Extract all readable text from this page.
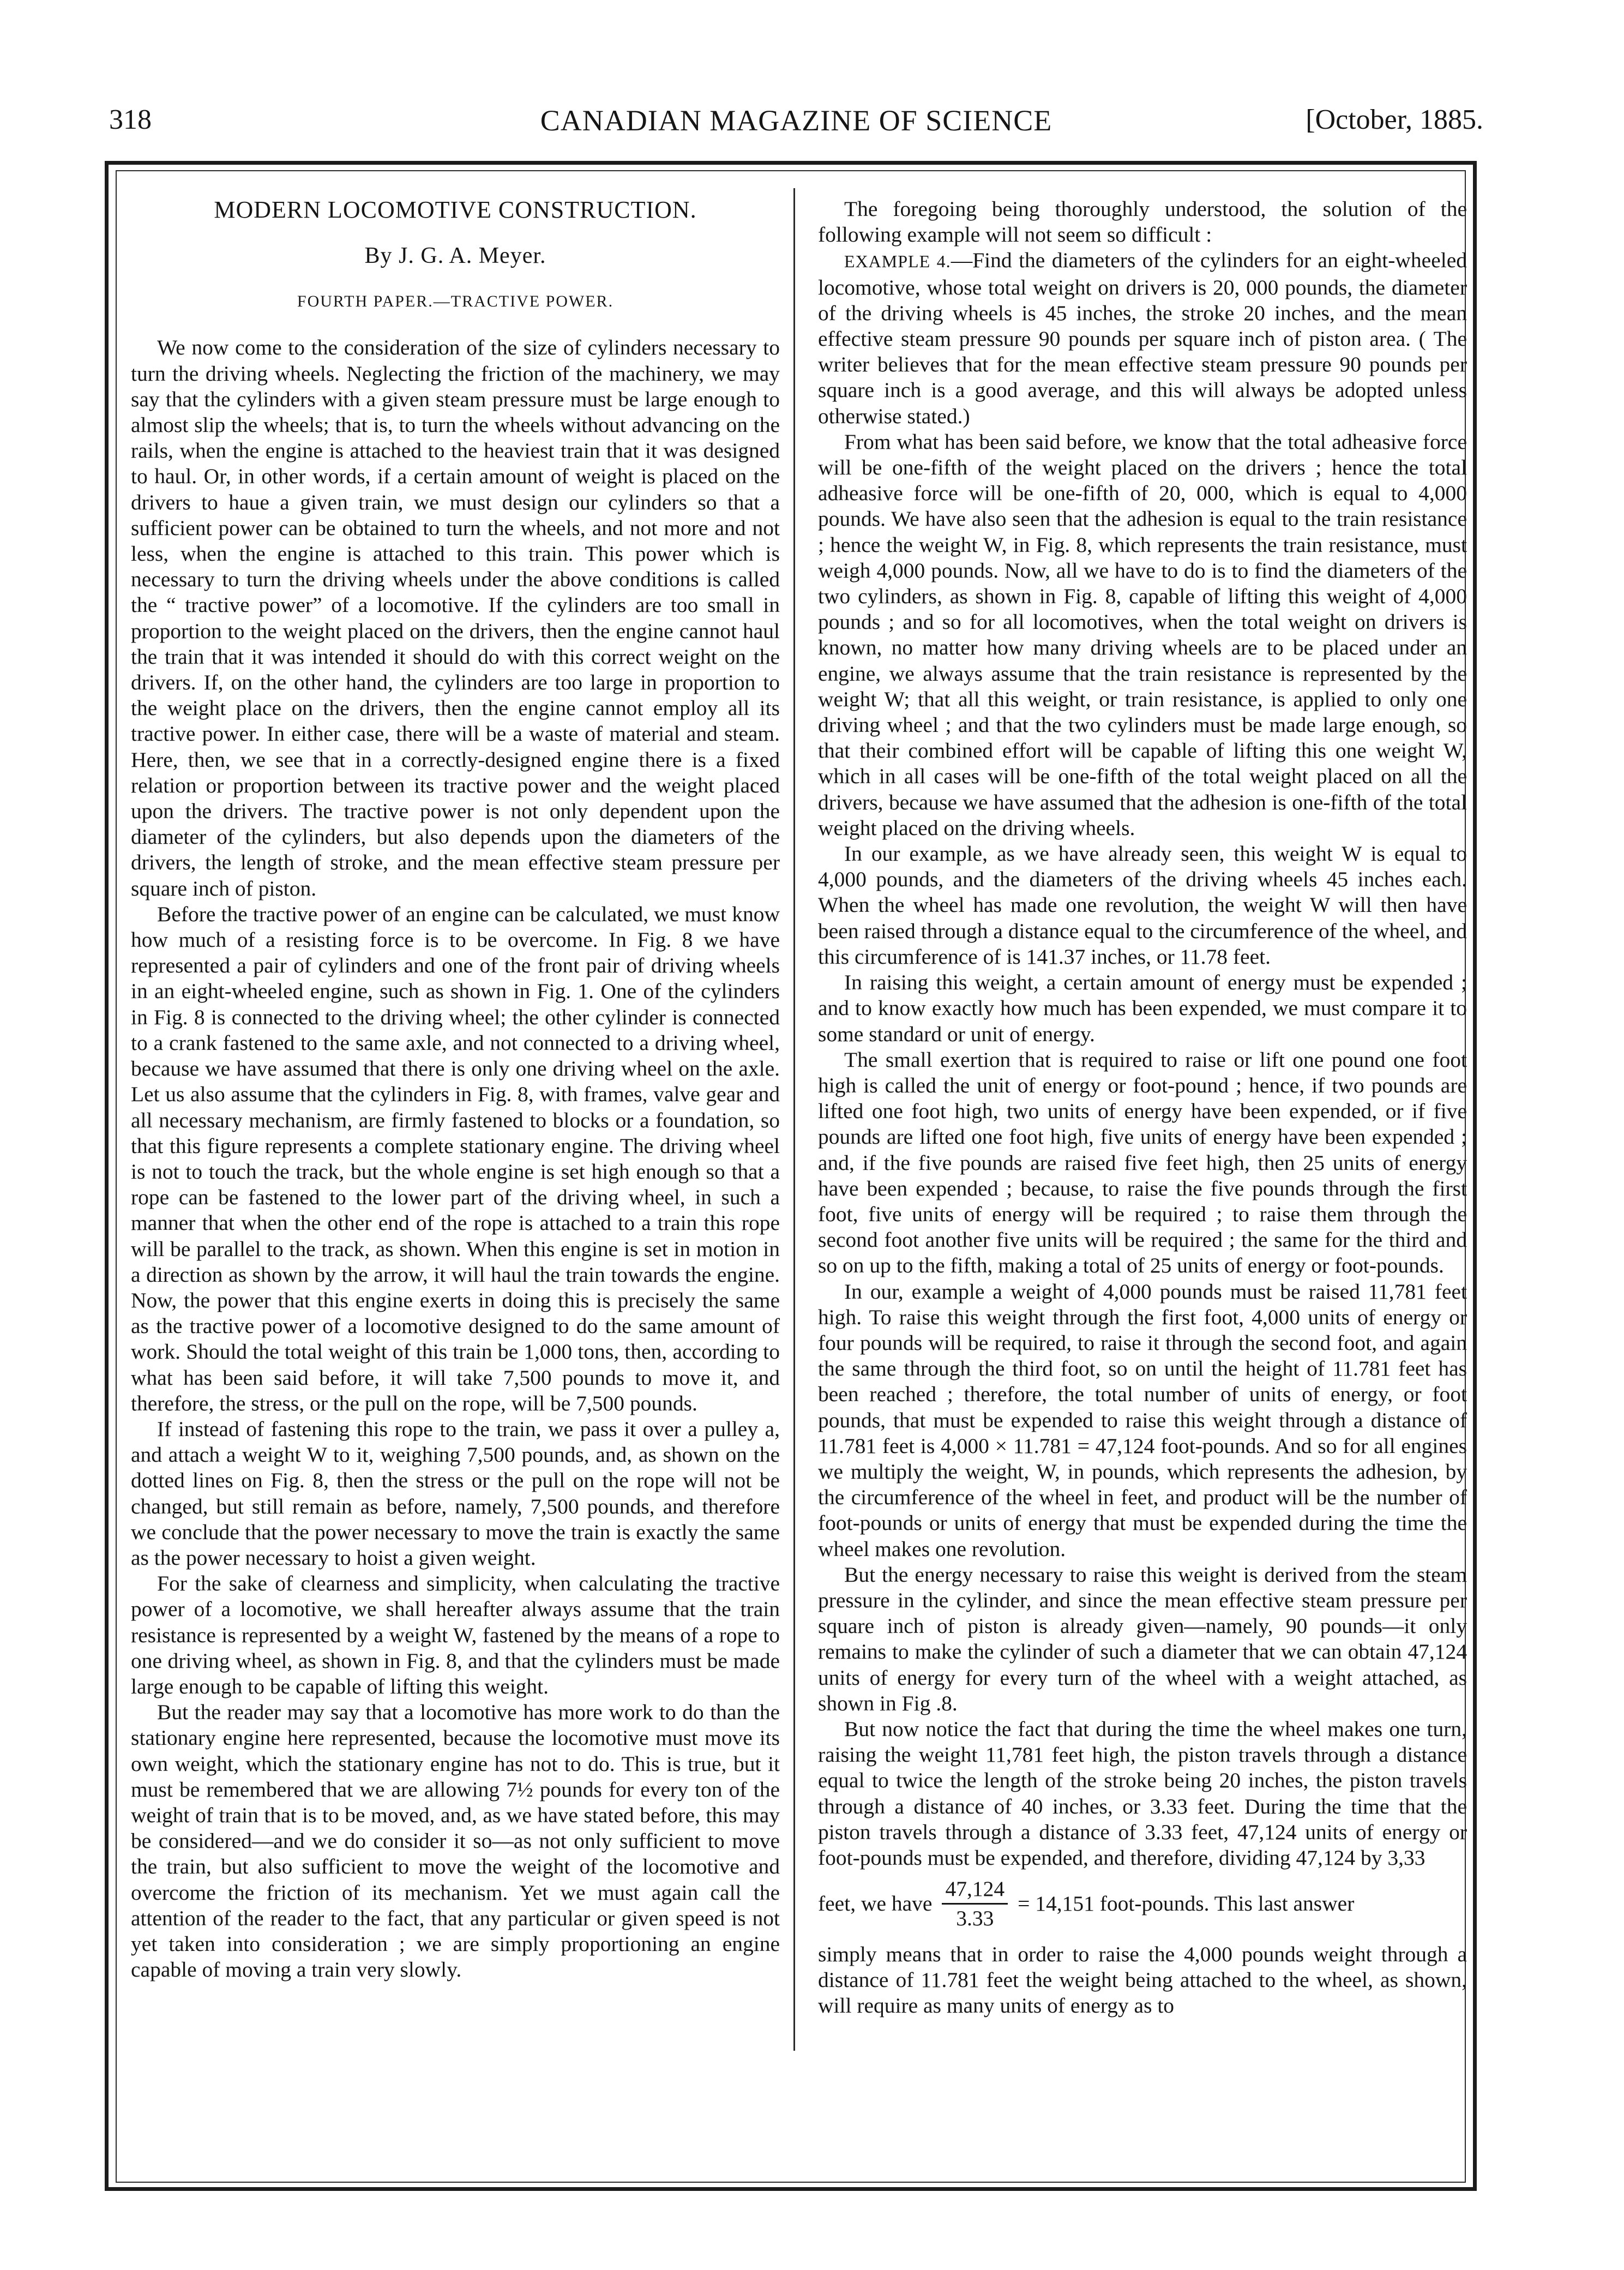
318	CANADIAN MAGAZINE OF SCIENCE	[October, 1885.
MODERN LOCOMOTIVE CONSTRUCTION.
By J. G. A. Meyer.
FOURTH PAPER.—TRACTIVE POWER.

We now come to the consideration of the size of cylinders necessary to turn the driving wheels. Neglecting the friction of the machinery, we may say that the cylinders with a given steam pressure must be large enough to almost slip the wheels; that is, to turn the wheels without advancing on the rails, when the engine is attached to the heaviest train that it was designed to haul. Or, in other words, if a certain amount of weight is placed on the drivers to haue a given train, we must design our cylinders so that a sufficient power can be obtained to turn the wheels, and not more and not less, when the engine is attached to this train. This power which is necessary to turn the driving wheels under the above conditions is called the “ tractive power” of a locomotive. If the cylinders are too small in proportion to the weight placed on the drivers, then the engine cannot haul the train that it was intended it should do with this correct weight on the drivers. If, on the other hand, the cylinders are too large in proportion to the weight place on the drivers, then the engine cannot employ all its tractive power. In either case, there will be a waste of material and steam. Here, then, we see that in a correctly-designed engine there is a fixed relation or proportion between its tractive power and the weight placed upon the drivers. The tractive power is not only dependent upon the diameter of the cylinders, but also depends upon the diameters of the drivers, the length of stroke, and the mean effective steam pressure per square inch of piston.

Before the tractive power of an engine can be calculated, we must know how much of a resisting force is to be overcome. In Fig. 8 we have represented a pair of cylinders and one of the front pair of driving wheels in an eight-wheeled engine, such as shown in Fig. 1. One of the cylinders in Fig. 8 is connected to the driving wheel; the other cylinder is connected to a crank fastened to the same axle, and not connected to a driving wheel, because we have assumed that there is only one driving wheel on the axle. Let us also assume that the cylinders in Fig. 8, with frames, valve gear and all necessary mechanism, are firmly fastened to blocks or a foundation, so that this figure represents a complete stationary engine. The driving wheel is not to touch the track, but the whole engine is set high enough so that a rope can be fastened to the lower part of the driving wheel, in such a manner that when the other end of the rope is attached to a train this rope will be parallel to the track, as shown. When this engine is set in motion in a direction as shown by the arrow, it will haul the train towards the engine. Now, the power that this engine exerts in doing this is precisely the same as the tractive power of a locomotive designed to do the same amount of work. Should the total weight of this train be 1,000 tons, then, according to what has been said before, it will take 7,500 pounds to move it, and therefore, the stress, or the pull on the rope, will be 7,500 pounds.

If instead of fastening this rope to the train, we pass it over a pulley a, and attach a weight W to it, weighing 7,500 pounds, and, as shown on the dotted lines on Fig. 8, then the stress or the pull on the rope will not be changed, but still remain as before, namely, 7,500 pounds, and therefore we conclude that the power necessary to move the train is exactly the same as the power necessary to hoist a given weight.

For the sake of clearness and simplicity, when calculating the tractive power of a locomotive, we shall hereafter always assume that the train resistance is represented by a weight W, fastened by the means of a rope to one driving wheel, as shown in Fig. 8, and that the cylinders must be made large enough to be capable of lifting this weight.

But the reader may say that a locomotive has more work to do than the stationary engine here represented, because the locomotive must move its own weight, which the stationary engine has not to do. This is true, but it must be remembered that we are allowing 7½ pounds for every ton of the weight of train that is to be moved, and, as we have stated before, this may be considered—and we do consider it so—as not only sufficient to move the train, but also sufficient to move the weight of the locomotive and overcome the friction of its mechanism. Yet we must again call the attention of the reader to the fact, that any particular or given speed is not yet taken into consideration ; we are simply proportioning an engine capable of moving a train very slowly.

The foregoing being thoroughly understood, the solution of the following example will not seem so difficult :

EXAMPLE 4.—Find the diameters of the cylinders for an eight-wheeled locomotive, whose total weight on drivers is 20, 000 pounds, the diameter of the driving wheels is 45 inches, the stroke 20 inches, and the mean effective steam pressure 90 pounds per square inch of piston area. ( The writer believes that for the mean effective steam pressure 90 pounds per square inch is a good average, and this will always be adopted unless otherwise stated.)

From what has been said before, we know that the total adheasive force will be one-fifth of the weight placed on the drivers ; hence the total adheasive force will be one-fifth of 20, 000, which is equal to 4,000 pounds. We have also seen that the adhesion is equal to the train resistance ; hence the weight W, in Fig. 8, which represents the train resistance, must weigh 4,000 pounds. Now, all we have to do is to find the diameters of the two cylinders, as shown in Fig. 8, capable of lifting this weight of 4,000 pounds ; and so for all locomotives, when the total weight on drivers is known, no matter how many driving wheels are to be placed under an engine, we always assume that the train resistance is represented by the weight W; that all this weight, or train resistance, is applied to only one driving wheel ; and that the two cylinders must be made large enough, so that their combined effort will be capable of lifting this one weight W, which in all cases will be one-fifth of the total weight placed on all the drivers, because we have assumed that the adhesion is one-fifth of the total weight placed on the driving wheels.

In our example, as we have already seen, this weight W is equal to 4,000 pounds, and the diameters of the driving wheels 45 inches each. When the wheel has made one revolution, the weight W will then have been raised through a distance equal to the circumference of the wheel, and this circumference of is 141.37 inches, or 11.78 feet.

In raising this weight, a certain amount of energy must be expended ; and to know exactly how much has been expended, we must compare it to some standard or unit of energy.

The small exertion that is required to raise or lift one pound one foot high is called the unit of energy or foot-pound ; hence, if two pounds are lifted one foot high, two units of energy have been expended, or if five pounds are lifted one foot high, five units of energy have been expended ; and, if the five pounds are raised five feet high, then 25 units of energy have been expended ; because, to raise the five pounds through the first foot, five units of energy will be required ; to raise them through the second foot another five units will be required ; the same for the third and so on up to the fifth, making a total of 25 units of energy or foot-pounds.

In our, example a weight of 4,000 pounds must be raised 11,781 feet high. To raise this weight through the first foot, 4,000 units of energy or four pounds will be required, to raise it through the second foot, and again the same through the third foot, so on until the height of 11.781 feet has been reached ; therefore, the total number of units of energy, or foot pounds, that must be expended to raise this weight through a distance of 11.781 feet is 4,000 × 11.781 = 47,124 foot-pounds. And so for all engines we multiply the weight, W, in pounds, which represents the adhesion, by the circumference of the wheel in feet, and product will be the number of foot-pounds or units of energy that must be expended during the time the wheel makes one revolution.

But the energy necessary to raise this weight is derived from the steam pressure in the cylinder, and since the mean effective steam pressure per square inch of piston is already given—namely, 90 pounds—it only remains to make the cylinder of such a diameter that we can obtain 47,124 units of energy for every turn of the wheel with a weight attached, as shown in Fig .8.

But now notice the fact that during the time the wheel makes one turn, raising the weight 11,781 feet high, the piston travels through a distance equal to twice the length of the stroke being 20 inches, the piston travels through a distance of 40 inches, or 3.33 feet. During the time that the piston travels through a distance of 3.33 feet, 47,124 units of energy or foot-pounds must be expended, and therefore, dividing 47,124 by 3,33

feet, we have $\frac{47,124}{3.33} = 14,151$ foot-pounds. This last answer

simply means that in order to raise the 4,000 pounds weight through a distance of 11.781 feet the weight being attached to the wheel, as shown, will require as many units of energy as to
